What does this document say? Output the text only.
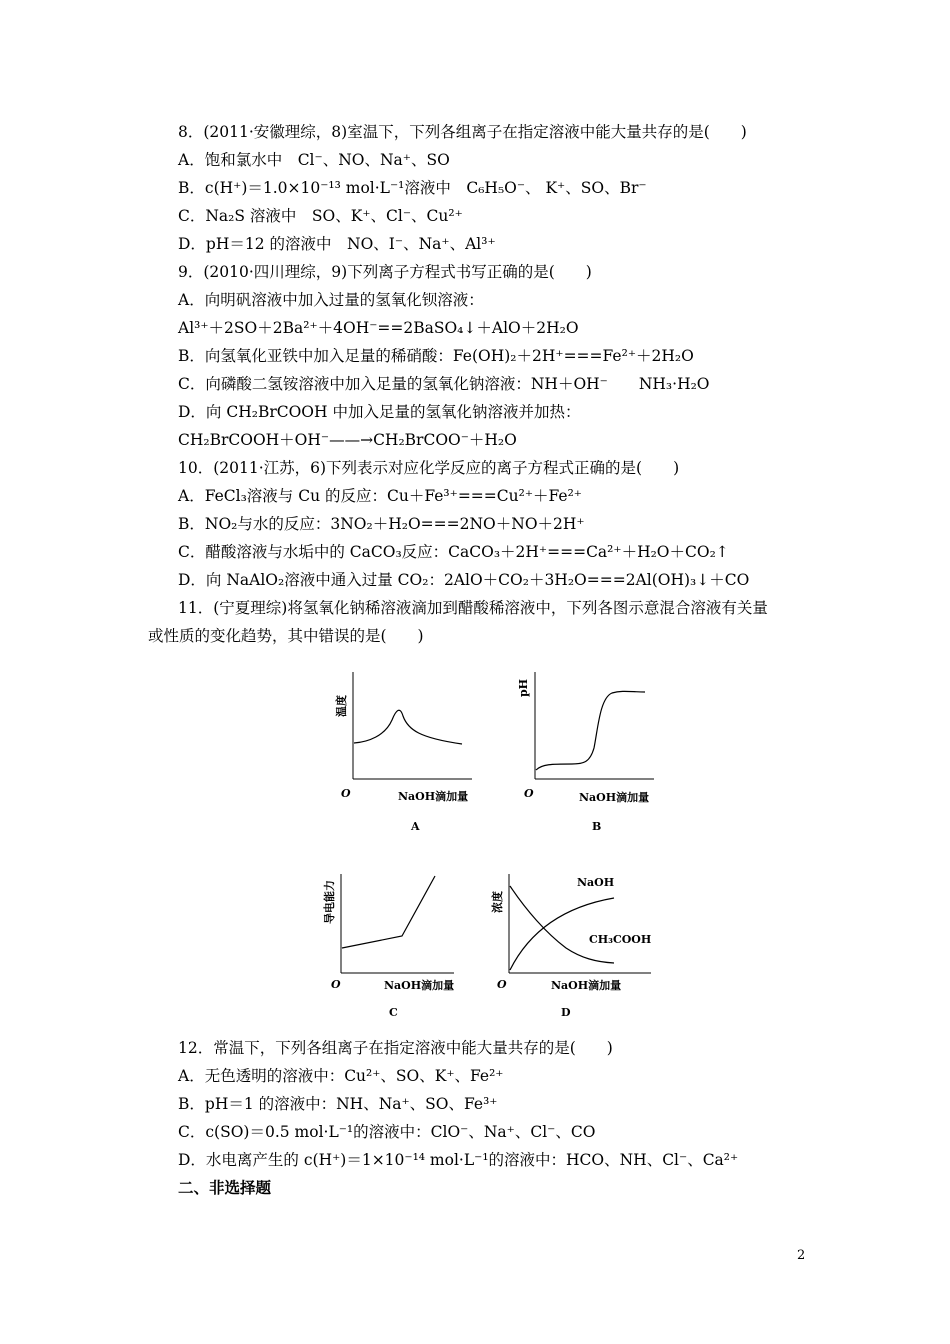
8．(2011·安徽理综，8)室温下，下列各组离子在指定溶液中能大量共存的是(　　)
A．饱和氯水中　Cl⁻、NO、Na⁺、SO
B．c(H⁺)＝1.0×10⁻¹³ mol·L⁻¹溶液中　C₆H₅O⁻、 K⁺、SO、Br⁻
C．Na₂S 溶液中　SO、K⁺、Cl⁻、Cu²⁺
D．pH＝12 的溶液中　NO、I⁻、Na⁺、Al³⁺
9．(2010·四川理综，9)下列离子方程式书写正确的是(　　)
A．向明矾溶液中加入过量的氢氧化钡溶液：
Al³⁺＋2SO＋2Ba²⁺＋4OH⁻==2BaSO₄↓＋AlO＋2H₂O
B．向氢氧化亚铁中加入足量的稀硝酸：Fe(OH)₂＋2H⁺===Fe²⁺＋2H₂O
C．向磷酸二氢铵溶液中加入足量的氢氧化钠溶液：NH＋OH⁻　　NH₃·H₂O
D．向 CH₂BrCOOH 中加入足量的氢氧化钠溶液并加热：
CH₂BrCOOH＋OH⁻——→CH₂BrCOO⁻＋H₂O
10．(2011·江苏，6)下列表示对应化学反应的离子方程式正确的是(　　)
A．FeCl₃溶液与 Cu 的反应：Cu＋Fe³⁺===Cu²⁺＋Fe²⁺
B．NO₂与水的反应：3NO₂＋H₂O===2NO＋NO＋2H⁺
C．醋酸溶液与水垢中的 CaCO₃反应：CaCO₃＋2H⁺===Ca²⁺＋H₂O＋CO₂↑
D．向 NaAlO₂溶液中通入过量 CO₂：2AlO＋CO₂＋3H₂O===2Al(OH)₃↓＋CO
11．(宁夏理综)将氢氧化钠稀溶液滴加到醋酸稀溶液中，下列各图示意混合溶液有关量
或性质的变化趋势，其中错误的是(　　)
温度
O	NaOH滴加量
A
pH
O	NaOH滴加量
B
导电能力
O	NaOH滴加量
C
浓度
NaOH
CH₃COOH
O	NaOH滴加量
D
12．常温下，下列各组离子在指定溶液中能大量共存的是(　　)
A．无色透明的溶液中：Cu²⁺、SO、K⁺、Fe²⁺
B．pH＝1 的溶液中：NH、Na⁺、SO、Fe³⁺
C．c(SO)＝0.5 mol·L⁻¹的溶液中：ClO⁻、Na⁺、Cl⁻、CO
D．水电离产生的 c(H⁺)＝1×10⁻¹⁴ mol·L⁻¹的溶液中：HCO、NH、Cl⁻、Ca²⁺
二、非选择题
2
